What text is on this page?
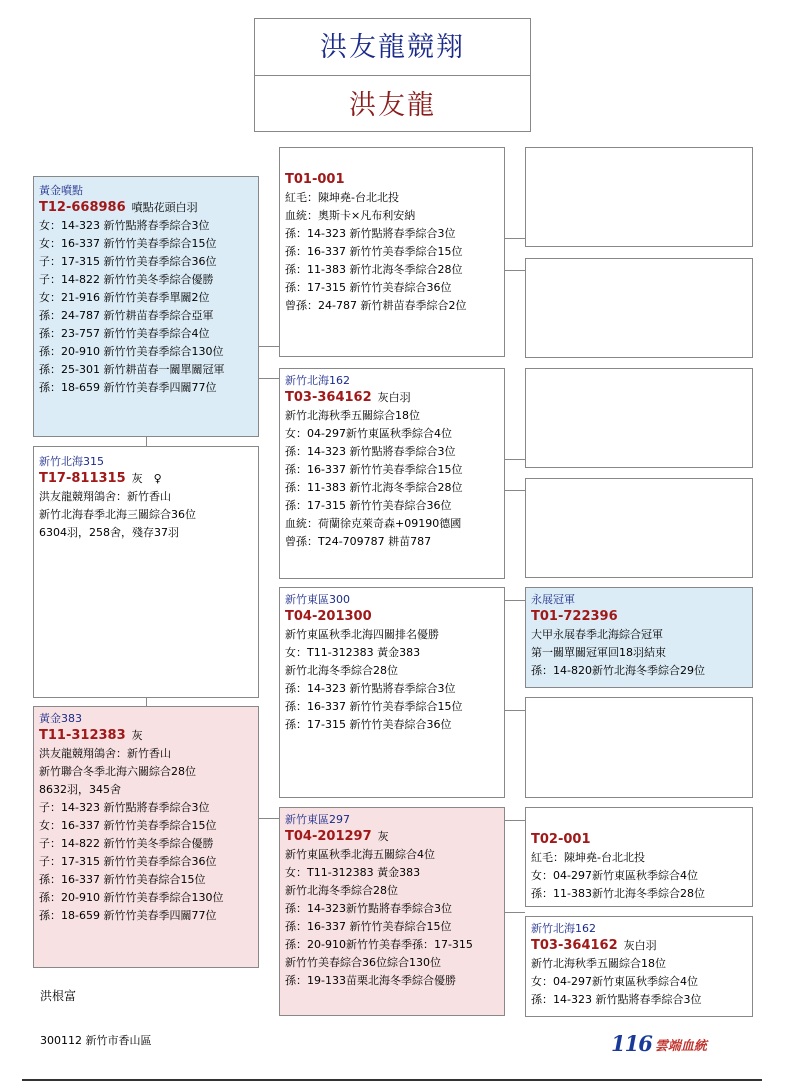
洪友龍競翔
洪友龍
黃金噴點
T12-668986 噴點花頭白羽
女：14-323 新竹點將春季綜合3位
女：16-337 新竹竹美春季綜合15位
子：17-315 新竹竹美春季綜合36位
子：14-822 新竹竹美冬季綜合優勝
女：21-916 新竹竹美春季單關2位
孫：24-787 新竹耕苗春季綜合亞軍
孫：23-757 新竹竹美春季綜合4位
孫：20-910 新竹竹美春季綜合130位
孫：25-301 新竹耕苗春一關單關冠軍
孫：18-659 新竹竹美春季四關77位
新竹北海315
T17-811315 灰　♀
洪友龍競翔鴿舍：新竹香山
新竹北海春季北海三關綜合36位
6304羽，258舍，殘存37羽
黃金383
T11-312383 灰
洪友龍競翔鴿舍：新竹香山
新竹聯合冬季北海六關綜合28位
8632羽，345舍
子：14-323 新竹點將春季綜合3位
女：16-337 新竹竹美春季綜合15位
子：14-822 新竹竹美冬季綜合優勝
子：17-315 新竹竹美春季綜合36位
孫：16-337 新竹竹美春綜合15位
孫：20-910 新竹竹美春季綜合130位
孫：18-659 新竹竹美春季四關77位
T01-001
紅毛：陳坤堯-台北北投
血統：奧斯卡×凡布利安納
孫：14-323 新竹點將春季綜合3位
孫：16-337 新竹竹美春季綜合15位
孫：11-383 新竹北海冬季綜合28位
孫：17-315 新竹竹美春綜合36位
曾孫：24-787 新竹耕苗春季綜合2位
新竹北海162
T03-364162 灰白羽
新竹北海秋季五關綜合18位
女：04-297新竹東區秋季綜合4位
孫：14-323 新竹點將春季綜合3位
孫：16-337 新竹竹美春季綜合15位
孫：11-383 新竹北海冬季綜合28位
孫：17-315 新竹竹美春綜合36位
血統：荷蘭徐克萊奇森+09190德國
曾孫：T24-709787 耕苗787
新竹東區300
T04-201300
新竹東區秋季北海四關排名優勝
女：T11-312383 黃金383
新竹北海冬季綜合28位
孫：14-323 新竹點將春季綜合3位
孫：16-337 新竹竹美春季綜合15位
孫：17-315 新竹竹美春綜合36位
新竹東區297
T04-201297 灰
新竹東區秋季北海五關綜合4位
女：T11-312383 黃金383
新竹北海冬季綜合28位
孫：14-323新竹點將春季綜合3位
孫：16-337 新竹竹美春綜合15位
孫：20-910新竹竹美春季孫：17-315
新竹竹美春綜合36位綜合130位
孫：19-133苗栗北海冬季綜合優勝
永展冠軍
T01-722396
大甲永展春季北海綜合冠軍
第一關單關冠軍回18羽結束
孫：14-820新竹北海冬季綜合29位
T02-001
紅毛：陳坤堯-台北北投
女：04-297新竹東區秋季綜合4位
孫：11-383新竹北海冬季綜合28位
新竹北海162
T03-364162 灰白羽
新竹北海秋季五關綜合18位
女：04-297新竹東區秋季綜合4位
孫：14-323 新竹點將春季綜合3位
洪根富
300112 新竹市香山區	116 雲端血統
